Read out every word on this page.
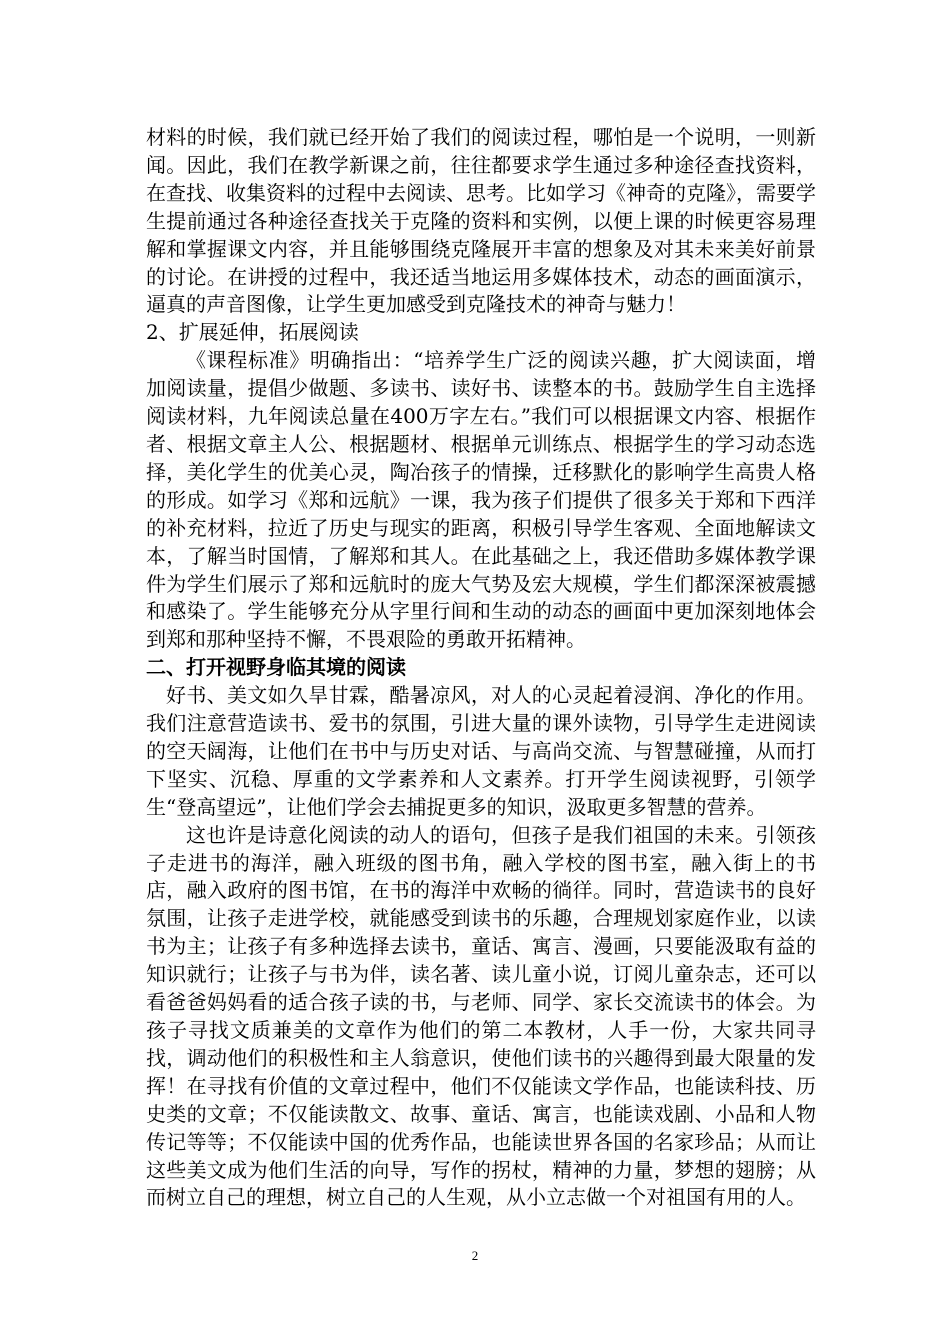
材料的时候，我们就已经开始了我们的阅读过程，哪怕是一个说明，一则新闻。因此，我们在教学新课之前，往往都要求学生通过多种途径查找资料，在查找、收集资料的过程中去阅读、思考。比如学习《神奇的克隆》，需要学生提前通过各种途径查找关于克隆的资料和实例，以便上课的时候更容易理解和掌握课文内容，并且能够围绕克隆展开丰富的想象及对其未来美好前景的讨论。在讲授的过程中，我还适当地运用多媒体技术，动态的画面演示，逼真的声音图像，让学生更加感受到克隆技术的神奇与魅力！

2、扩展延伸，拓展阅读

《课程标准》明确指出：“培养学生广泛的阅读兴趣，扩大阅读面，增加阅读量，提倡少做题、多读书、读好书、读整本的书。鼓励学生自主选择阅读材料，九年阅读总量在400万字左右。”我们可以根据课文内容、根据作者、根据文章主人公、根据题材、根据单元训练点、根据学生的学习动态选择，美化学生的优美心灵，陶冶孩子的情操，迁移默化的影响学生高贵人格的形成。如学习《郑和远航》一课，我为孩子们提供了很多关于郑和下西洋的补充材料，拉近了历史与现实的距离，积极引导学生客观、全面地解读文本，了解当时国情，了解郑和其人。在此基础之上，我还借助多媒体教学课件为学生们展示了郑和远航时的庞大气势及宏大规模，学生们都深深被震撼和感染了。学生能够充分从字里行间和生动的动态的画面中更加深刻地体会到郑和那种坚持不懈，不畏艰险的勇敢开拓精神。

二、打开视野身临其境的阅读

好书、美文如久旱甘霖，酷暑凉风，对人的心灵起着浸润、净化的作用。我们注意营造读书、爱书的氛围，引进大量的课外读物，引导学生走进阅读的空天阔海，让他们在书中与历史对话、与高尚交流、与智慧碰撞，从而打下坚实、沉稳、厚重的文学素养和人文素养。打开学生阅读视野，引领学生“登高望远”，让他们学会去捕捉更多的知识，汲取更多智慧的营养。

这也许是诗意化阅读的动人的语句，但孩子是我们祖国的未来。引领孩子走进书的海洋，融入班级的图书角，融入学校的图书室，融入街上的书店，融入政府的图书馆，在书的海洋中欢畅的徜徉。同时，营造读书的良好氛围，让孩子走进学校，就能感受到读书的乐趣，合理规划家庭作业，以读书为主；让孩子有多种选择去读书，童话、寓言、漫画，只要能汲取有益的知识就行；让孩子与书为伴，读名著、读儿童小说，订阅儿童杂志，还可以看爸爸妈妈看的适合孩子读的书，与老师、同学、家长交流读书的体会。为孩子寻找文质兼美的文章作为他们的第二本教材，人手一份，大家共同寻找，调动他们的积极性和主人翁意识，使他们读书的兴趣得到最大限量的发挥！在寻找有价值的文章过程中，他们不仅能读文学作品，也能读科技、历史类的文章；不仅能读散文、故事、童话、寓言，也能读戏剧、小品和人物传记等等；不仅能读中国的优秀作品，也能读世界各国的名家珍品；从而让这些美文成为他们生活的向导，写作的拐杖，精神的力量，梦想的翅膀；从而树立自己的理想，树立自己的人生观，从小立志做一个对祖国有用的人。

2
